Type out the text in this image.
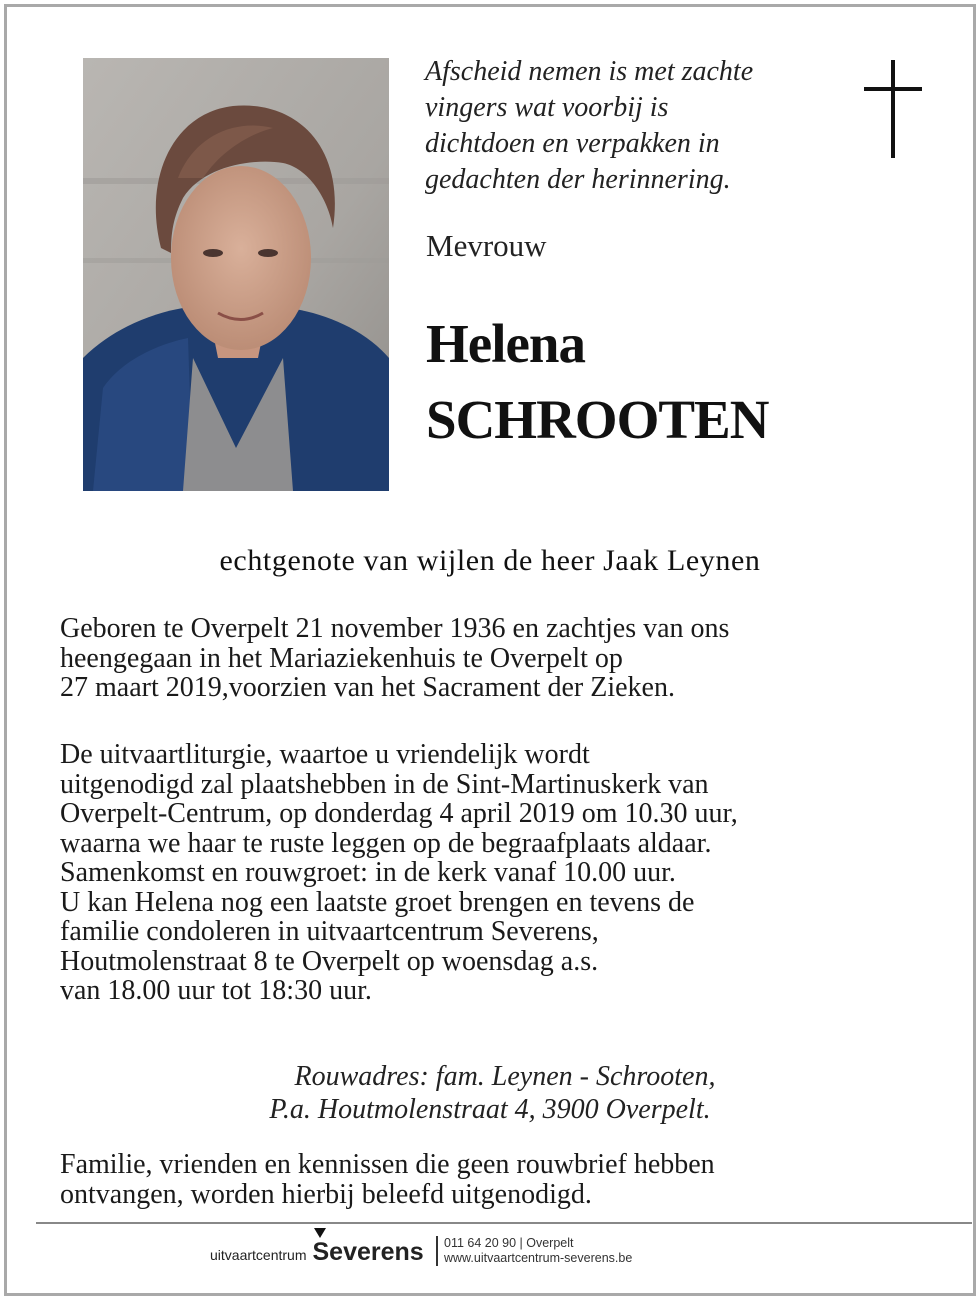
Afscheid nemen is met zachte
vingers wat voorbij is
dichtdoen en verpakken in
gedachten der herinnering.
Mevrouw
Helena
SCHROOTEN
echtgenote van wijlen de heer Jaak Leynen
Geboren te Overpelt 21 november 1936 en zachtjes van ons
heengegaan in het Mariaziekenhuis te Overpelt op
27 maart 2019,voorzien van het Sacrament der Zieken.
De uitvaartliturgie, waartoe u vriendelijk wordt
uitgenodigd zal plaatshebben in de Sint-Martinuskerk van
Overpelt-Centrum, op donderdag 4 april 2019 om 10.30 uur,
waarna we haar te ruste leggen op de begraafplaats aldaar.
Samenkomst en rouwgroet: in de kerk vanaf 10.00 uur.
U kan Helena nog een laatste groet brengen en tevens de
familie condoleren in uitvaartcentrum Severens,
Houtmolenstraat 8 te Overpelt op woensdag a.s.
van 18.00 uur tot 18:30 uur.
Rouwadres: fam. Leynen - Schrooten,
P.a. Houtmolenstraat 4, 3900 Overpelt.
Familie, vrienden en kennissen die geen rouwbrief hebben
ontvangen, worden hierbij beleefd uitgenodigd.
uitvaartcentrum Severens 011 64 20 90 | Overpelt
www.uitvaartcentrum-severens.be
